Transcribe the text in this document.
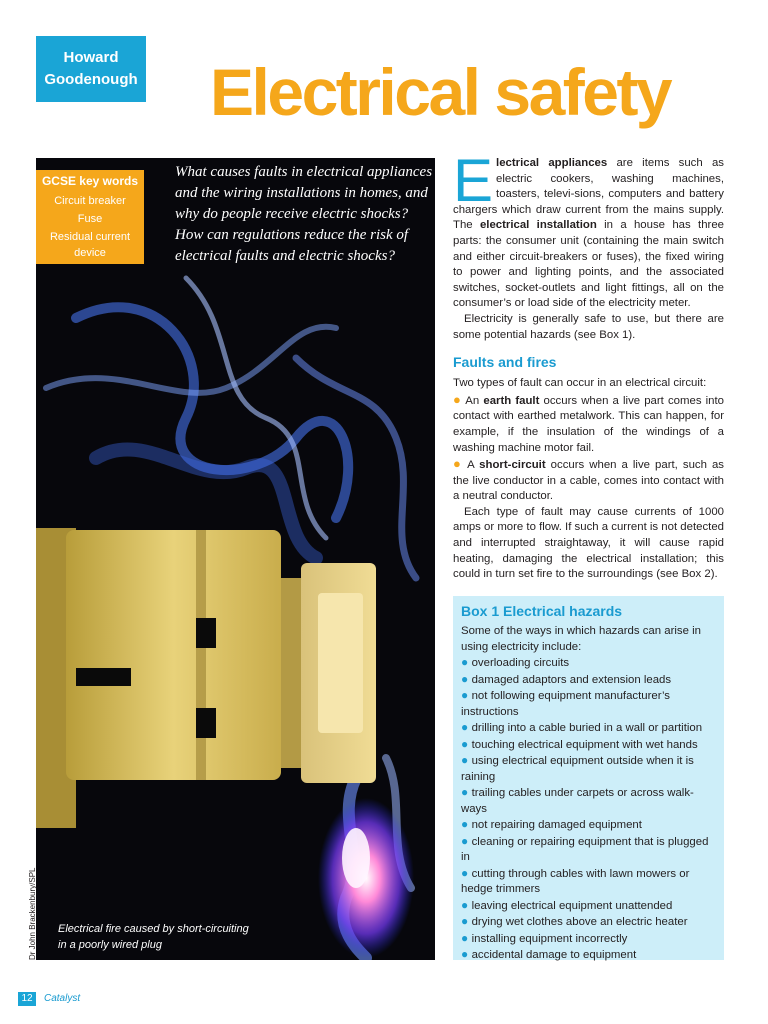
Howard
Goodenough Electrical safety
GCSE key words
Circuit breaker
Fuse
Residual current device

What causes faults in electrical appliances and the wiring installations in homes, and why do people receive electric shocks? How can regulations reduce the risk of electrical faults and electric shocks?

Electrical fire caused by short-circuiting
in a poorly wired plug
Dr John Brackenbury/SPL

Electrical appliances are items such as electric cookers, washing machines, toasters, televi-sions, computers and battery chargers which draw current from the mains supply. The electrical installation in a house has three parts: the consumer unit (containing the main switch and either circuit-breakers or fuses), the fixed wiring to power and lighting points, and the associated switches, socket-outlets and light fittings, all on the consumer’s or load side of the electricity meter.

Electricity is generally safe to use, but there are some potential hazards (see Box 1).

Faults and fires

Two types of fault can occur in an electrical circuit:

● An earth fault occurs when a live part comes into contact with earthed metalwork. This can happen, for example, if the insulation of the windings of a washing machine motor fail.

● A short-circuit occurs when a live part, such as the live conductor in a cable, comes into contact with a neutral conductor.

Each type of fault may cause currents of 1000 amps or more to flow. If such a current is not detected and interrupted straightaway, it will cause rapid heating, damaging the electrical installation; this could in turn set fire to the surroundings (see Box 2).

Box 1 Electrical hazards
Some of the ways in which hazards can arise in using electricity include:
● overloading circuits
● damaged adaptors and extension leads
● not following equipment manufacturer’s instructions
● drilling into a cable buried in a wall or partition
● touching electrical equipment with wet hands
● using electrical equipment outside when it is raining
● trailing cables under carpets or across walk-ways
● not repairing damaged equipment
● cleaning or repairing equipment that is plugged in
● cutting through cables with lawn mowers or hedge trimmers
● leaving electrical equipment unattended
● drying wet clothes above an electric heater
● installing equipment incorrectly
● accidental damage to equipment
12	Catalyst
